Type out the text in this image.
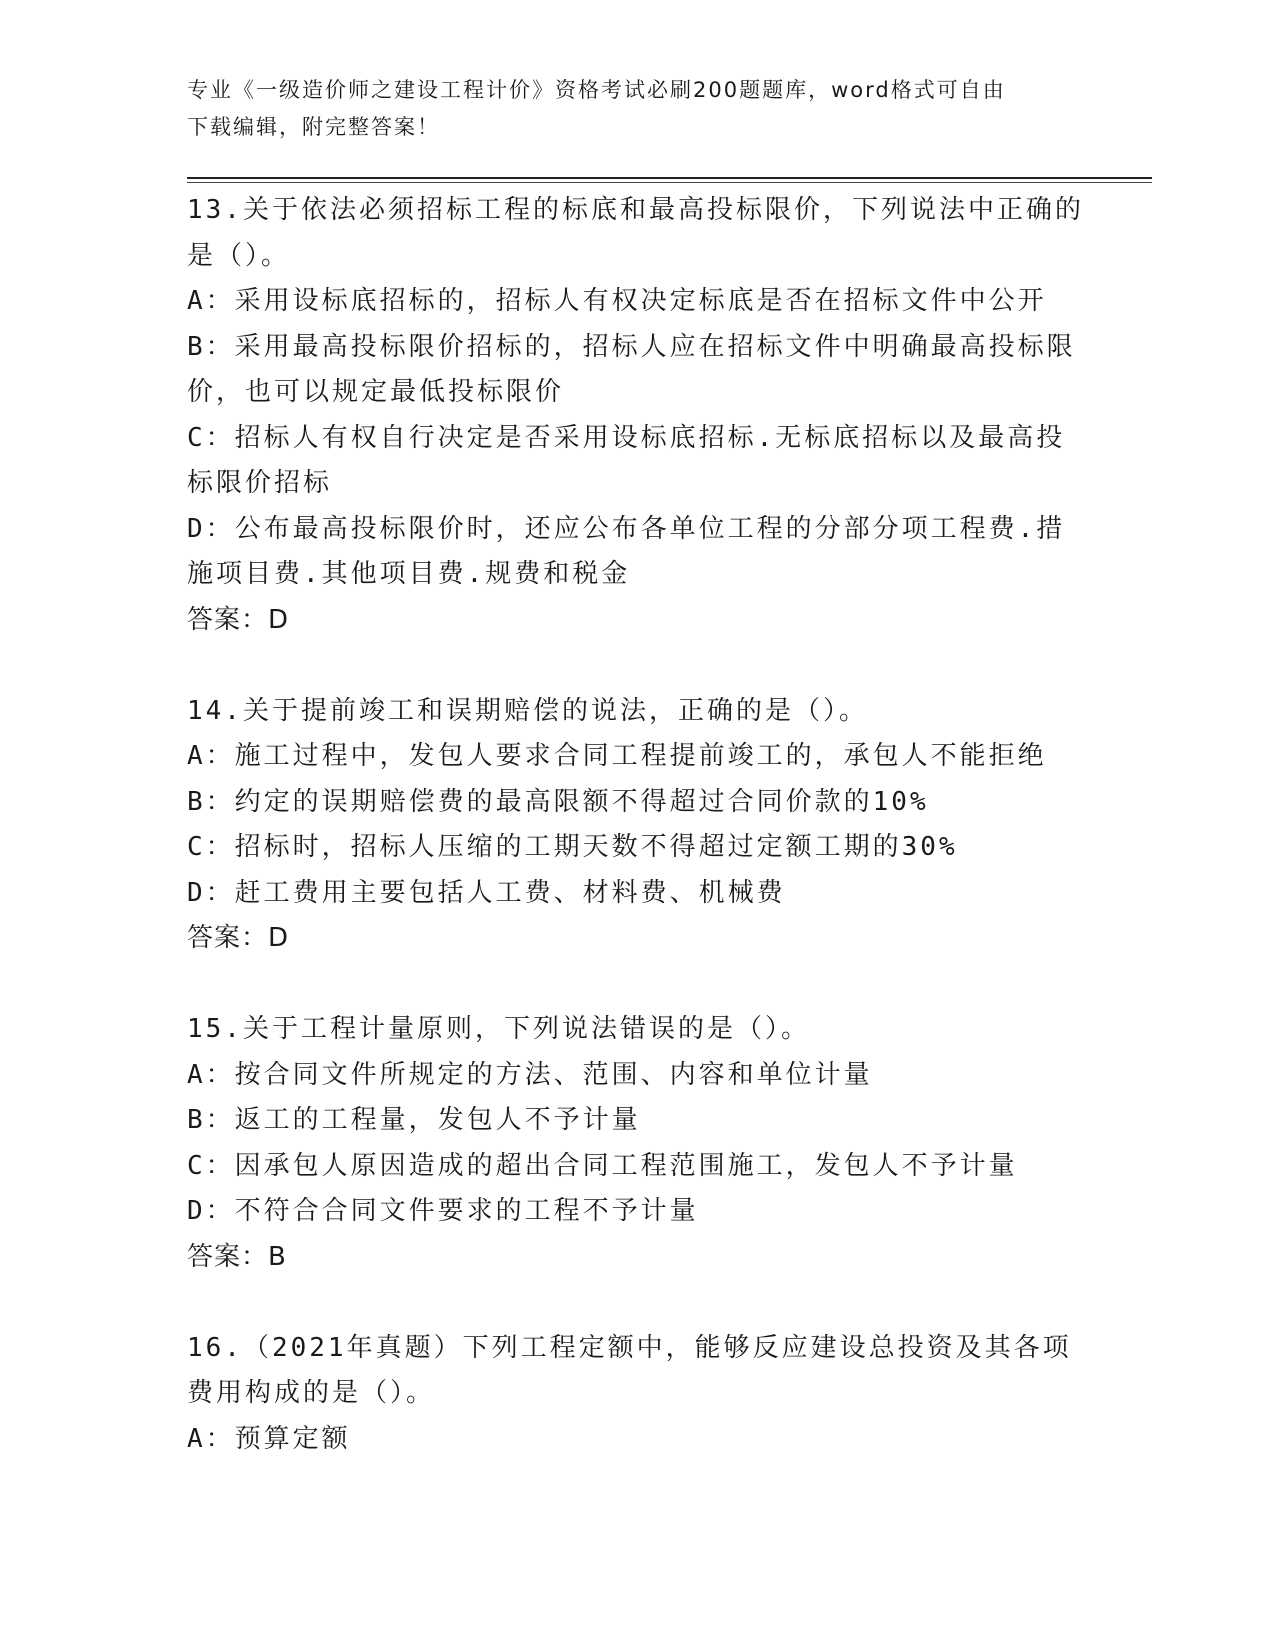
专业《一级造价师之建设工程计价》资格考试必刷200题题库，word格式可自由
下载编辑，附完整答案！
13.关于依法必须招标工程的标底和最高投标限价，下列说法中正确的是（）。
A：采用设标底招标的，招标人有权决定标底是否在招标文件中公开
B：采用最高投标限价招标的，招标人应在招标文件中明确最高投标限价，也可以规定最低投标限价
C：招标人有权自行决定是否采用设标底招标.无标底招标以及最高投标限价招标
D：公布最高投标限价时，还应公布各单位工程的分部分项工程费.措施项目费.其他项目费.规费和税金
答案：D
14.关于提前竣工和误期赔偿的说法，正确的是（）。
A：施工过程中，发包人要求合同工程提前竣工的，承包人不能拒绝
B：约定的误期赔偿费的最高限额不得超过合同价款的10%
C：招标时，招标人压缩的工期天数不得超过定额工期的30%
D：赶工费用主要包括人工费、材料费、机械费
答案：D
15.关于工程计量原则，下列说法错误的是（）。
A：按合同文件所规定的方法、范围、内容和单位计量
B：返工的工程量，发包人不予计量
C：因承包人原因造成的超出合同工程范围施工，发包人不予计量
D：不符合合同文件要求的工程不予计量
答案：B
16.（2021年真题）下列工程定额中，能够反应建设总投资及其各项费用构成的是（）。
A：预算定额
